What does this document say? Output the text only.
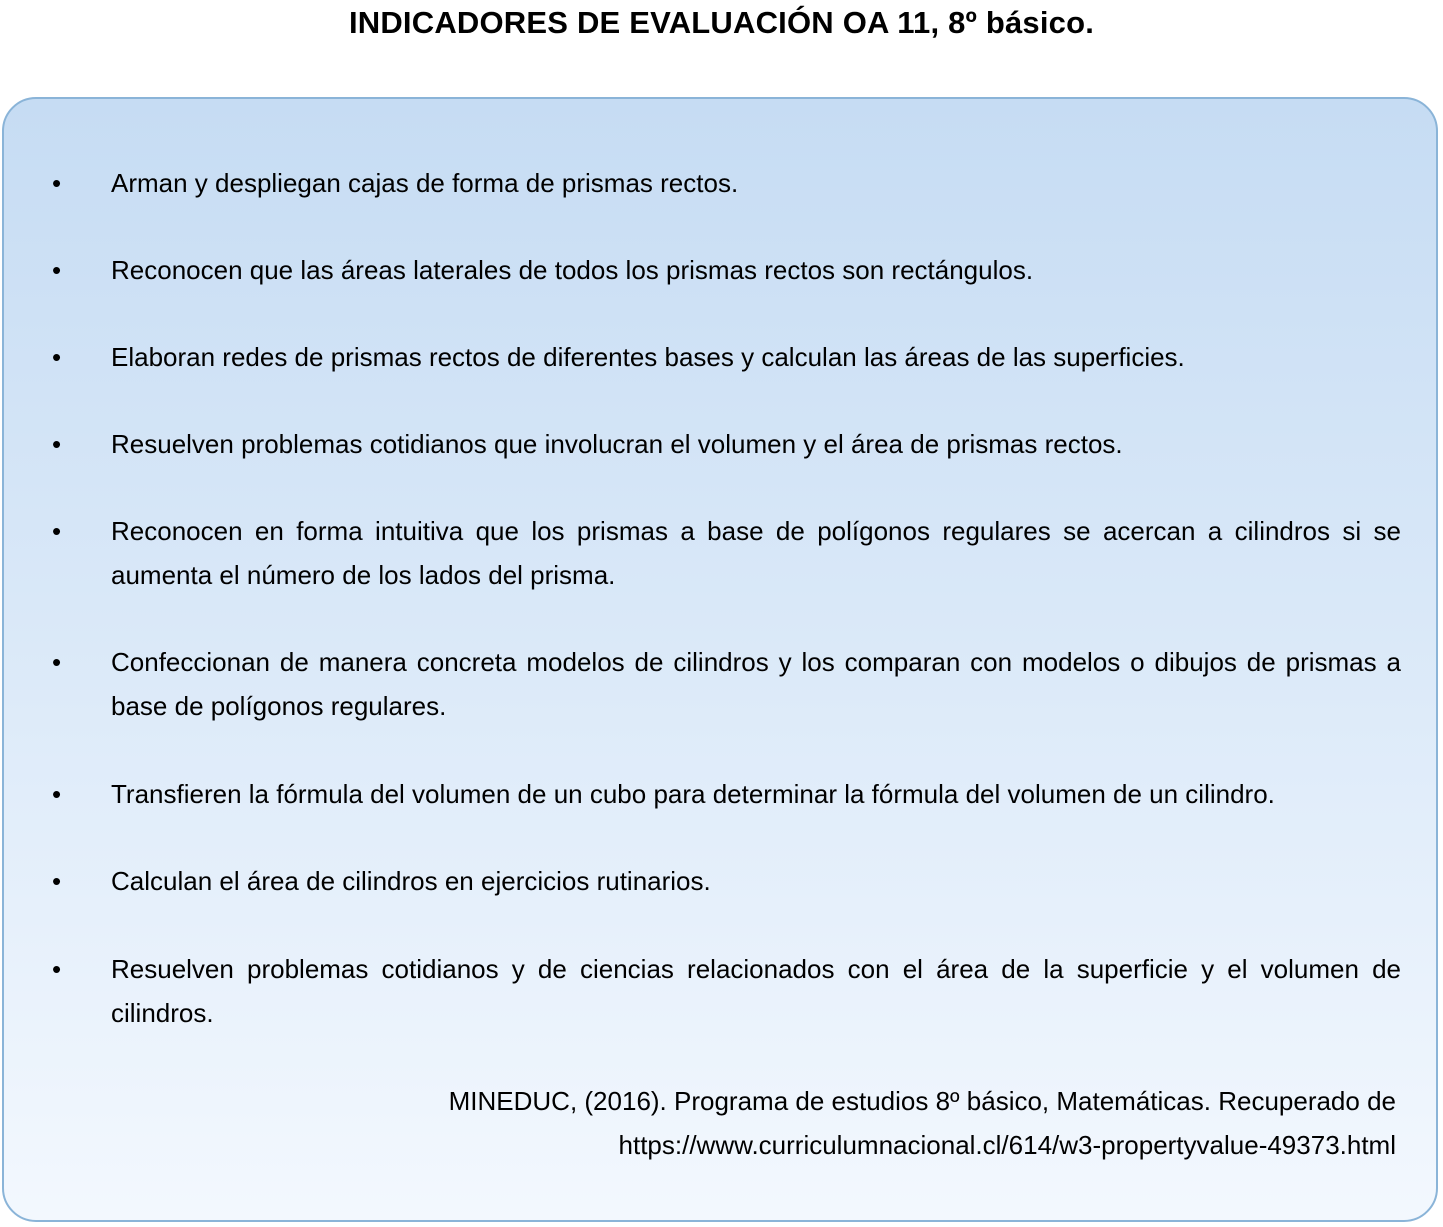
INDICADORES DE EVALUACIÓN OA 11, 8º básico.
• Arman y despliegan cajas de forma de prismas rectos.
• Reconocen que las áreas laterales de todos los prismas rectos son rectángulos.
• Elaboran redes de prismas rectos de diferentes bases y calculan las áreas de las superficies.
• Resuelven problemas cotidianos que involucran el volumen y el área de prismas rectos.
• Reconocen en forma intuitiva que los prismas a base de polígonos regulares se acercan a cilindros si se aumenta el número de los lados del prisma.
• Confeccionan de manera concreta modelos de cilindros y los comparan con modelos o dibujos de prismas a base de polígonos regulares.
• Transfieren la fórmula del volumen de un cubo para determinar la fórmula del volumen de un cilindro.
• Calculan el área de cilindros en ejercicios rutinarios.
• Resuelven problemas cotidianos y de ciencias relacionados con el área de la superficie y el volumen de cilindros.
MINEDUC, (2016). Programa de estudios 8º básico, Matemáticas. Recuperado de
https://www.curriculumnacional.cl/614/w3-propertyvalue-49373.html
